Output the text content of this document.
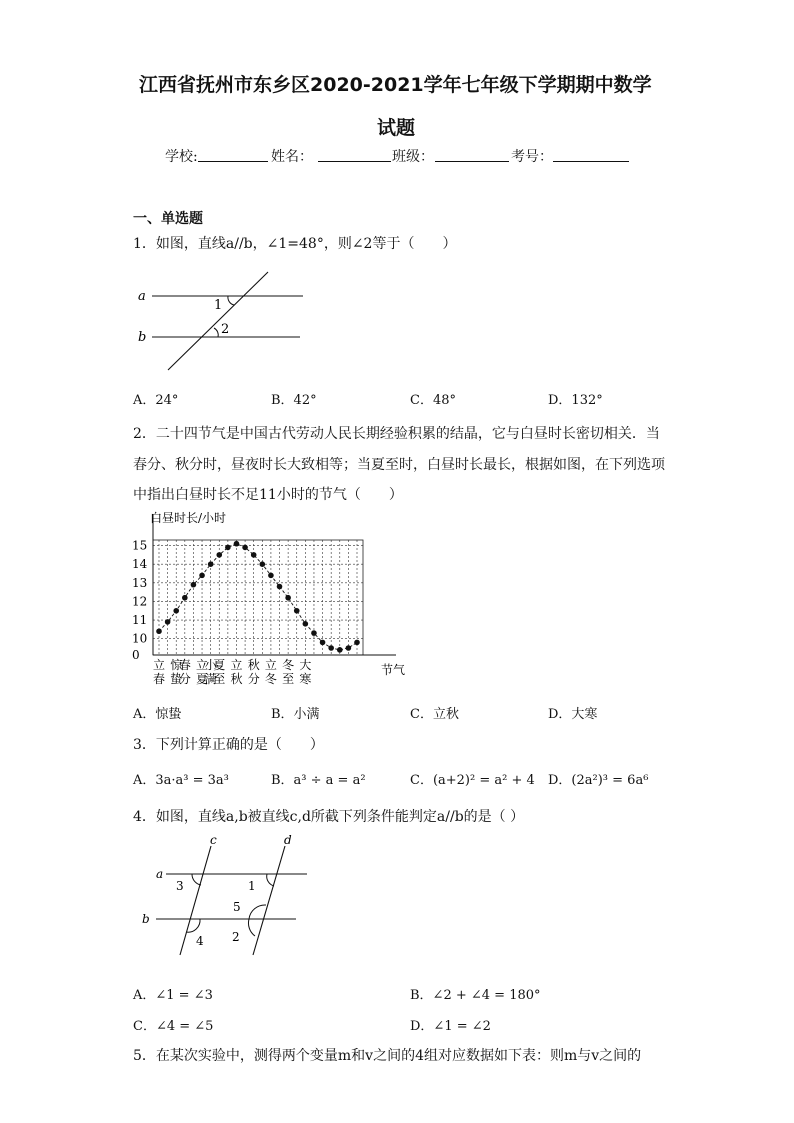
江西省抚州市东乡区2020-2021学年七年级下学期期中数学
试题
学校:	姓名：	班级：	考号：
一、单选题
1．如图，直线a//b，∠1=48°，则∠2等于（　　）
a
b
1
2
A．24°	B．42°	C．48°	D．132°
2．二十四节气是中国古代劳动人民长期经验积累的结晶，它与白昼时长密切相关．当
春分、秋分时，昼夜时长大致相等；当夏至时，白昼时长最长，根据如图，在下列选项
中指出白昼时长不足11小时的节气（　　）
白昼时长/小时
节气
0
10
11
12
13
14
15
立
春
惊
蛰
春
分
立
夏
小
满
夏
至
立
秋
秋
分
立
冬
冬
至
大
寒
A．惊蛰	B．小满	C．立秋	D．大寒
3．下列计算正确的是（　　）
A．3a·a³ = 3a³	B．a³ ÷ a = a²	C．(a+2)² = a² + 4 D．(2a²)³ = 6a⁶
4．如图，直线a,b被直线c,d所截下列条件能判定a//b的是（ ）
a
b
c	d
1
2
3
4
5
A．∠1 = ∠3	B．∠2 + ∠4 = 180°
C．∠4 = ∠5	D．∠1 = ∠2
5．在某次实验中，测得两个变量m和v之间的4组对应数据如下表：则m与v之间的
